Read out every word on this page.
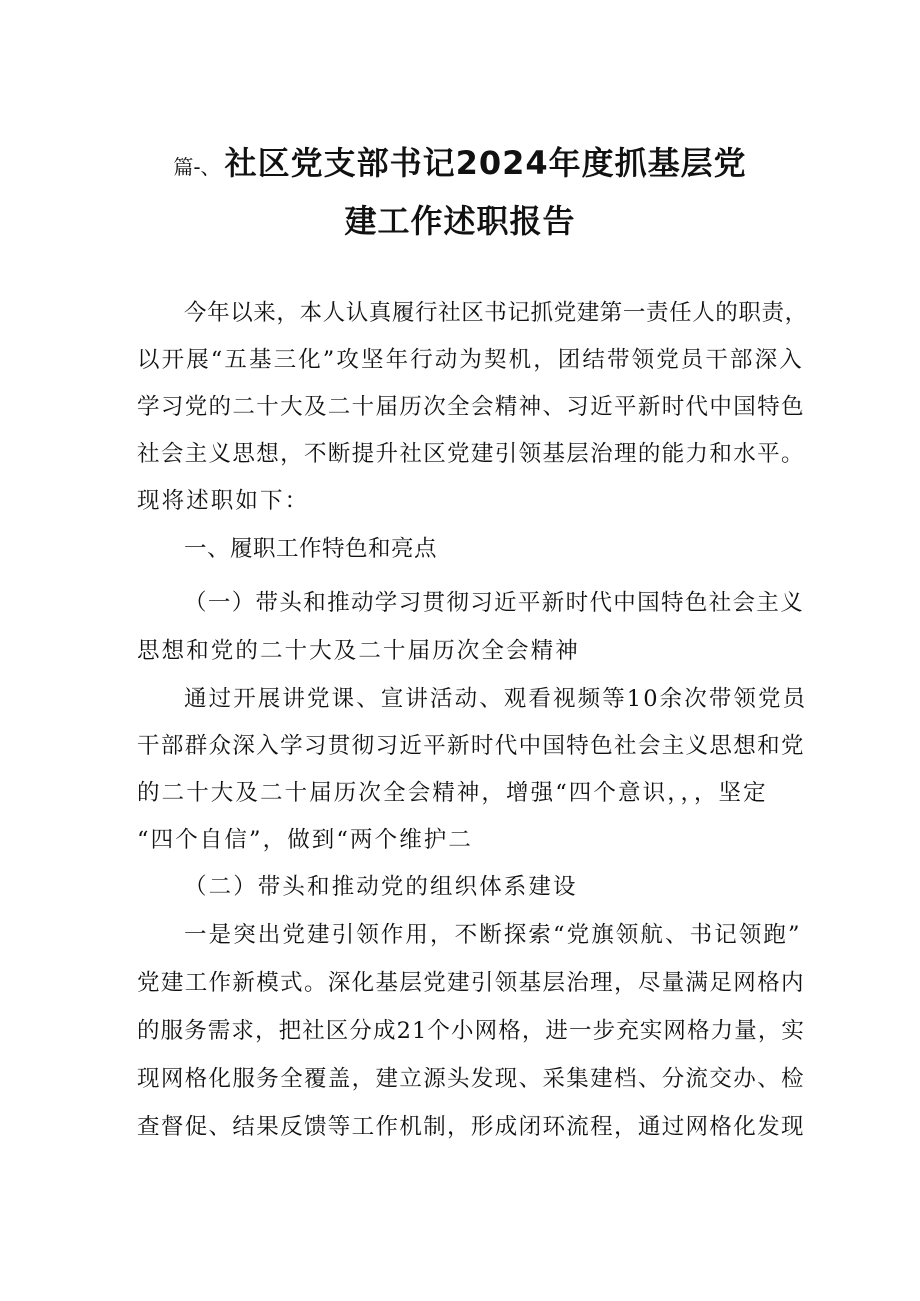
篇-、 社区党支部书记2024年度抓基层党
建工作述职报告
今年以来，本人认真履行社区书记抓党建第一责任人的职责，
以开展“五基三化”攻坚年行动为契机，团结带领党员干部深入
学习党的二十大及二十届历次全会精神、习近平新时代中国特色
社会主义思想，不断提升社区党建引领基层治理的能力和水平。
现将述职如下：
一、履职工作特色和亮点
（一）带头和推动学习贯彻习近平新时代中国特色社会主义
思想和党的二十大及二十届历次全会精神
通过开展讲党课、宣讲活动、观看视频等10余次带领党员
干部群众深入学习贯彻习近平新时代中国特色社会主义思想和党
的二十大及二十届历次全会精神，增强“四个意识，，，坚定
“四个自信”，做到“两个维护二
（二）带头和推动党的组织体系建设
一是突出党建引领作用，不断探索“党旗领航、书记领跑”
党建工作新模式。深化基层党建引领基层治理，尽量满足网格内
的服务需求，把社区分成21个小网格，进一步充实网格力量，实
现网格化服务全覆盖，建立源头发现、采集建档、分流交办、检
查督促、结果反馈等工作机制，形成闭环流程，通过网格化发现
